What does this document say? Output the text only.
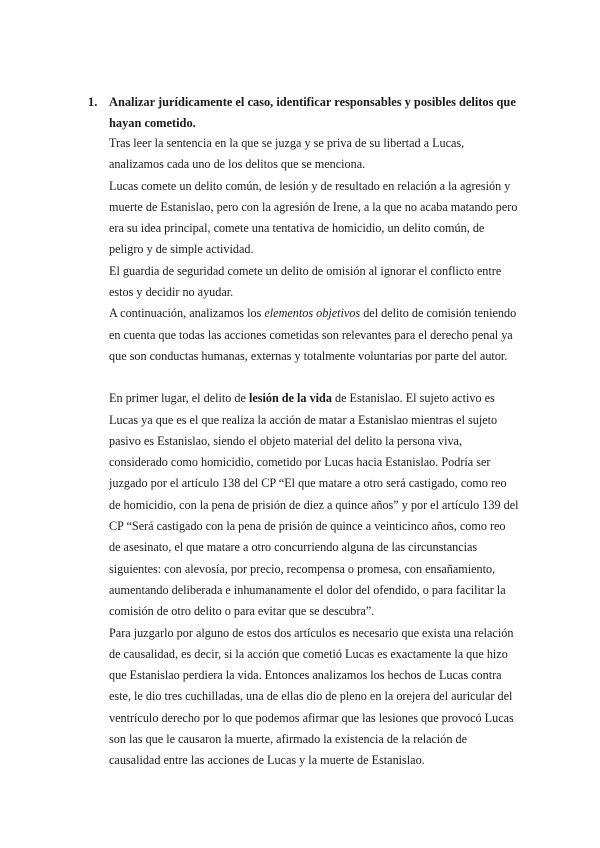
1. Analizar jurídicamente el caso, identificar responsables y posibles delitos que hayan cometido.

Tras leer la sentencia en la que se juzga y se priva de su libertad a Lucas, analizamos cada uno de los delitos que se menciona.

Lucas comete un delito común, de lesión y de resultado en relación a la agresión y muerte de Estanislao, pero con la agresión de Irene, a la que no acaba matando pero era su idea principal, comete una tentativa de homicidio, un delito común, de peligro y de simple actividad.

El guardia de seguridad comete un delito de omisión al ignorar el conflicto entre estos y decidir no ayudar.

A continuación, analizamos los elementos objetivos del delito de comisión teniendo en cuenta que todas las acciones cometidas son relevantes para el derecho penal ya que son conductas humanas, externas y totalmente voluntarias por parte del autor.

En primer lugar, el delito de lesión de la vida de Estanislao. El sujeto activo es Lucas ya que es el que realiza la acción de matar a Estanislao mientras el sujeto pasivo es Estanislao, siendo el objeto material del delito la persona viva, considerado como homicidio, cometido por Lucas hacia Estanislao. Podría ser juzgado por el artículo 138 del CP “El que matare a otro será castigado, como reo de homicidio, con la pena de prisión de diez a quince años” y por el artículo 139 del CP “Será castigado con la pena de prisión de quince a veinticinco años, como reo de asesinato, el que matare a otro concurriendo alguna de las circunstancias siguientes: con alevosía, por precio, recompensa o promesa, con ensañamiento, aumentando deliberada e inhumanamente el dolor del ofendido, o para facilitar la comisión de otro delito o para evitar que se descubra”.

Para juzgarlo por alguno de estos dos artículos es necesario que exista una relación de causalidad, es decir, si la acción que cometió Lucas es exactamente la que hizo que Estanislao perdiera la vida. Entonces analizamos los hechos de Lucas contra este, le dio tres cuchilladas, una de ellas dio de pleno en la orejera del auricular del ventrículo derecho por lo que podemos afirmar que las lesiones que provocó Lucas son las que le causaron la muerte, afirmado la existencia de la relación de causalidad entre las acciones de Lucas y la muerte de Estanislao.
